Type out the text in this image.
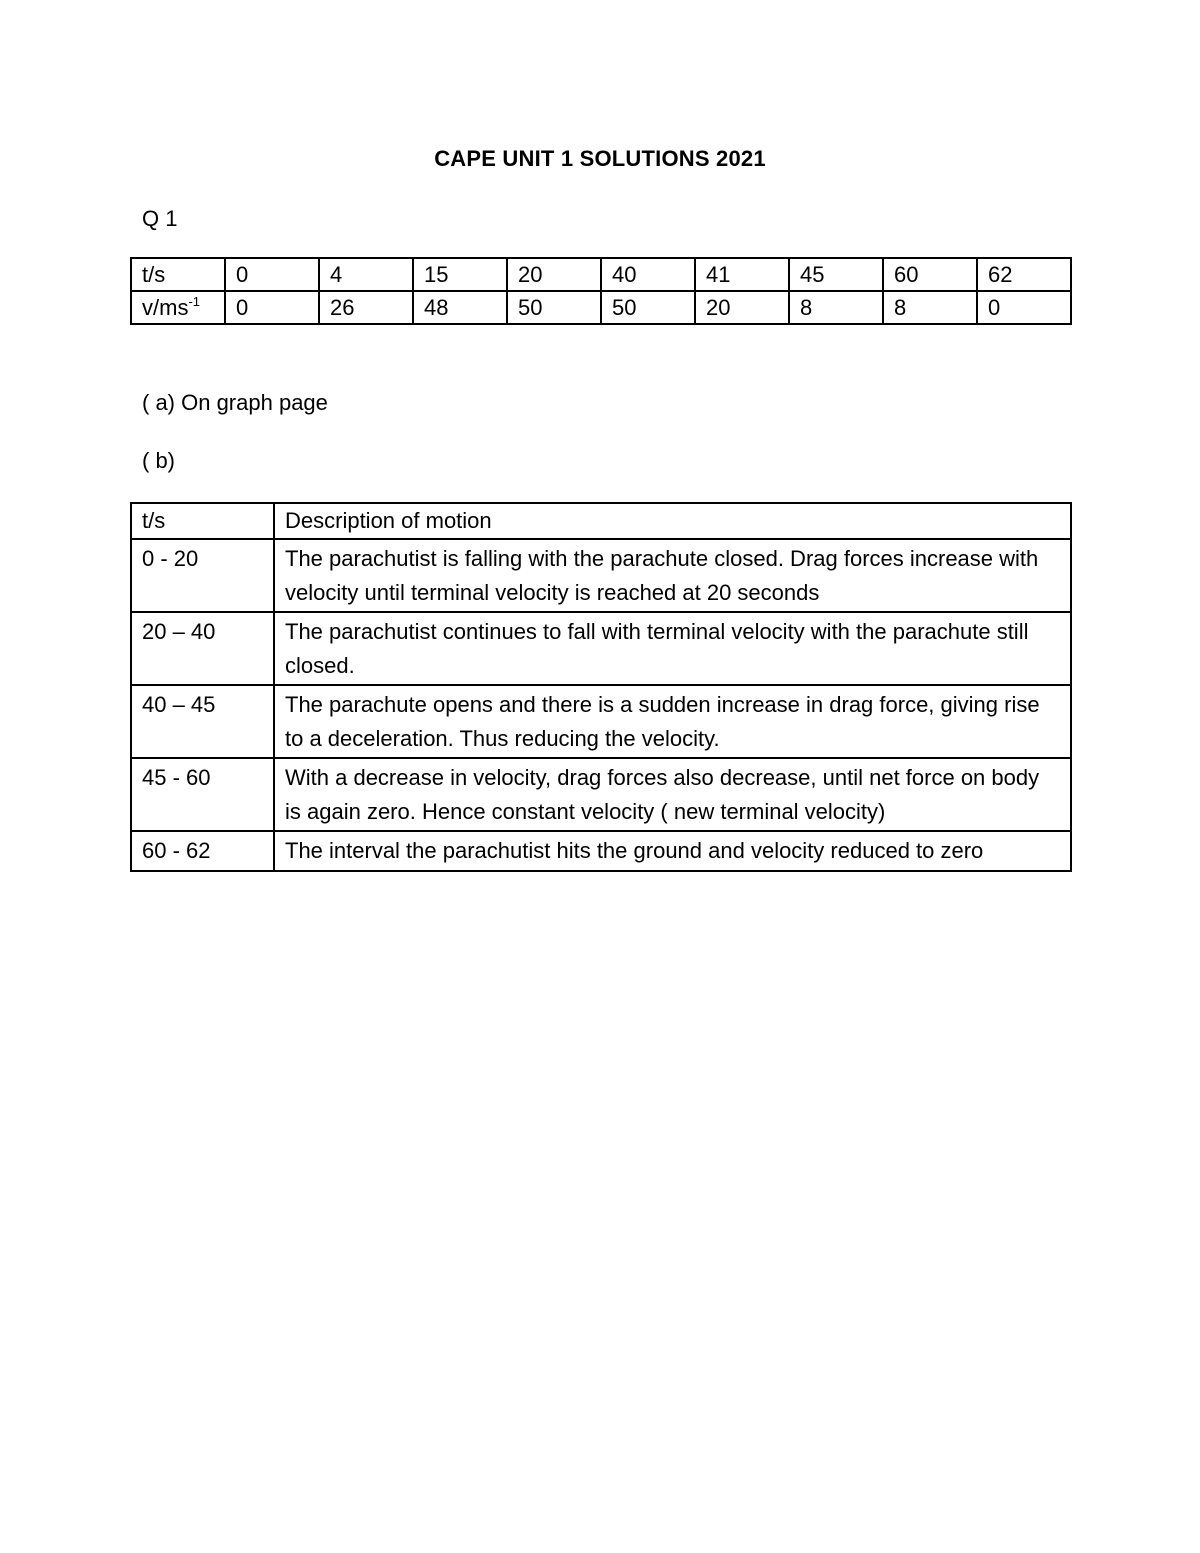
CAPE UNIT 1 SOLUTIONS 2021
Q 1
t/s	0	4	15	20	40	41	45	60	62
$v/ms^{-1}$	0	26	48	50	50	20	8	8	0
( a) On graph page
( b)
t/s	Description of motion
0 - 20	The parachutist is falling with the parachute closed. Drag forces increase with velocity until terminal velocity is reached at 20 seconds
20 – 40	The parachutist continues to fall with terminal velocity with the parachute still closed.
40 – 45	The parachute opens and there is a sudden increase in drag force, giving rise to a deceleration. Thus reducing the velocity.
45 - 60	With a decrease in velocity, drag forces also decrease, until net force on body is again zero. Hence constant velocity ( new terminal velocity)
60 - 62	The interval the parachutist hits the ground and velocity reduced to zero
